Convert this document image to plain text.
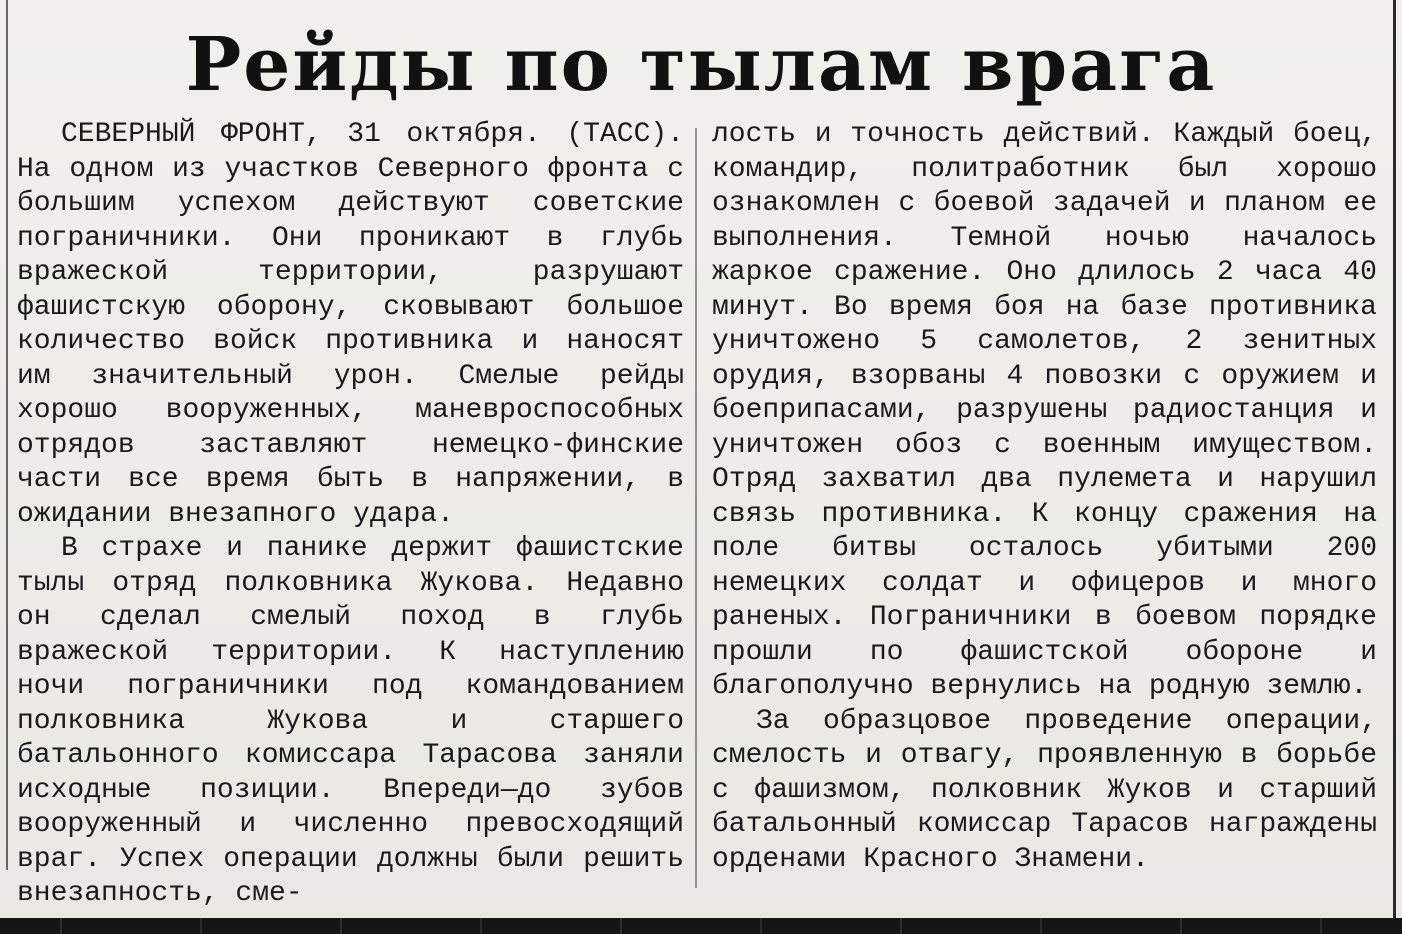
Рейды по тылам врага

СЕВЕРНЫЙ ФРОНТ, 31 октября. (ТАСС). На одном из участков Северного фронта с большим успехом действуют советские пограничники. Они проникают в глубь вражеской территории, разрушают фашистскую оборону, сковывают большое количество войск противника и наносят им значительный урон. Смелые рейды хорошо вооруженных, маневроспособных отрядов заставляют немецко-финские части все время быть в напряжении, в ожидании внезапного удара.

В страхе и панике держит фашистские тылы отряд полковника Жукова. Недавно он сделал смелый поход в глубь вражеской территории. К наступлению ночи пограничники под командованием полковника Жукова и старшего батальонного комиссара Тарасова заняли исходные позиции. Впереди—до зубов вооруженный и численно превосходящий враг. Успех операции должны были решить внезапность, сме-

лость и точность действий. Каждый боец, командир, политработник был хорошо ознакомлен с боевой задачей и планом ее выполнения. Темной ночью началось жаркое сражение. Оно длилось 2 часа 40 минут. Во время боя на базе противника уничтожено 5 самолетов, 2 зенитных орудия, взорваны 4 повозки с оружием и боеприпасами, разрушены радиостанция и уничтожен обоз с военным имуществом. Отряд захватил два пулемета и нарушил связь противника. К концу сражения на поле битвы осталось убитыми 200 немецких солдат и офицеров и много раненых. Пограничники в боевом порядке прошли по фашистской обороне и благополучно вернулись на родную землю.

За образцовое проведение операции, смелость и отвагу, проявленную в борьбе с фашизмом, полковник Жуков и старший батальонный комиссар Тарасов награждены орденами Красного Знамени.
